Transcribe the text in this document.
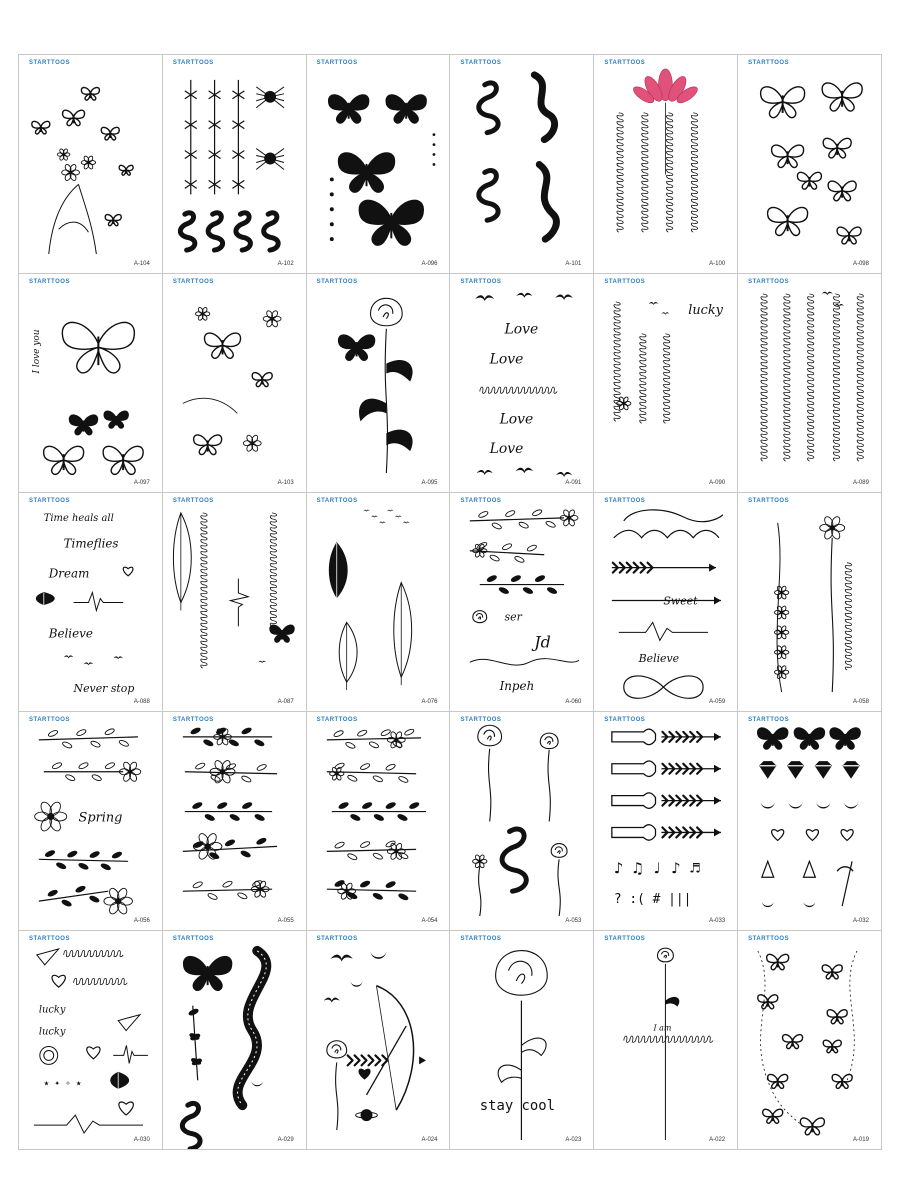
STARTTOOS
A-104
STARTTOOS
A-102
STARTTOOS
A-096
STARTTOOS
A-101
STARTTOOS
A-100
STARTTOOS
A-098
I love you
STARTTOOS
A-097
STARTTOOS
A-103
STARTTOOS
A-095
Love
Love
Love
Love
STARTTOOS
A-091
lucky
STARTTOOS
A-090
STARTTOOS
A-089
Time heals all
Timeflies
Dream
Believe
Never stop
STARTTOOS
A-088
STARTTOOS
A-087
STARTTOOS
A-076
ser
Jd
Inpeh
STARTTOOS
A-060
Sweet
Believe
STARTTOOS
A-059
STARTTOOS
A-058
Spring
STARTTOOS
A-056
STARTTOOS
A-055
STARTTOOS
A-054
STARTTOOS
A-053
♪ ♫ ♩ ♪ ♬
? :( # |||
STARTTOOS
A-033
STARTTOOS
A-032
lucky
lucky
★ ✦ ✧ ★
STARTTOOS
A-030
STARTTOOS
A-029
STARTTOOS
A-024
stay cool
STARTTOOS
A-023
I am
STARTTOOS
A-022
STARTTOOS
A-019
